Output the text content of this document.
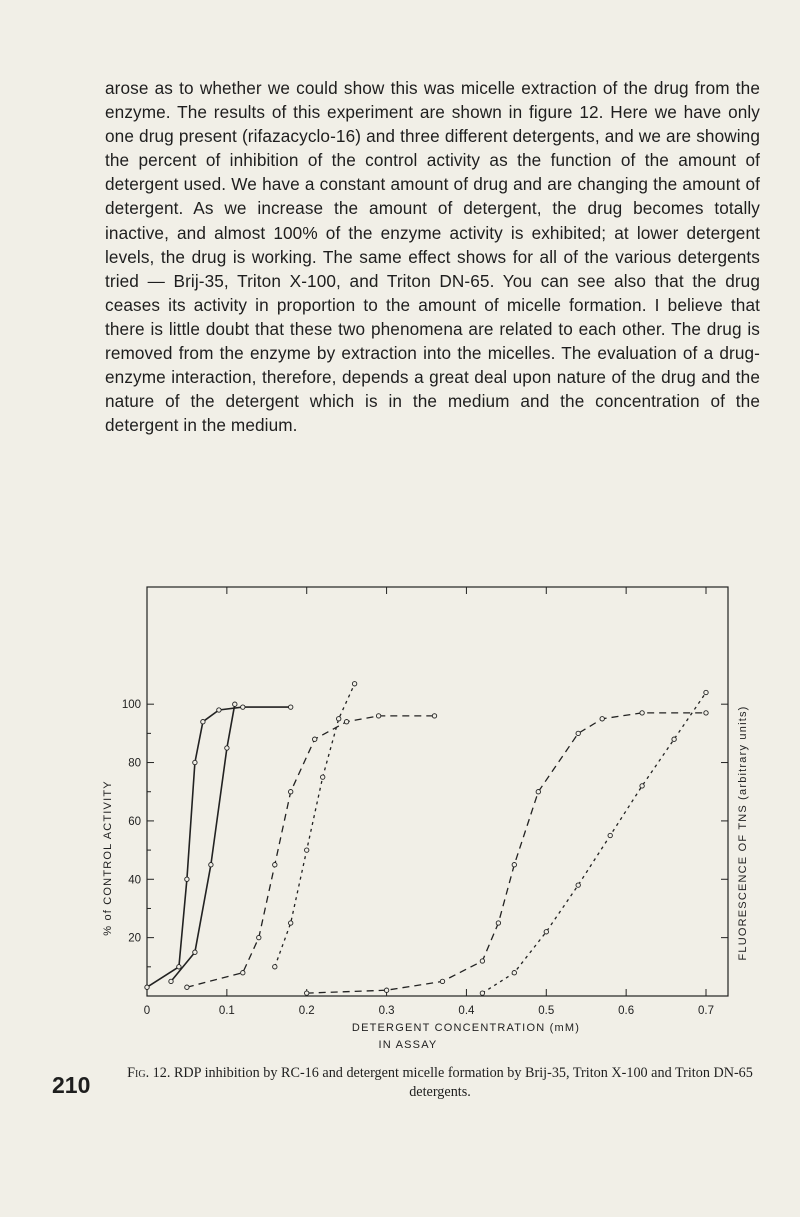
arose as to whether we could show this was micelle extraction of the drug from the enzyme. The results of this experiment are shown in figure 12. Here we have only one drug present (rifazacyclo-16) and three different detergents, and we are showing the percent of inhibition of the control activity as the function of the amount of detergent used. We have a constant amount of drug and are changing the amount of detergent. As we increase the amount of detergent, the drug becomes totally inactive, and almost 100% of the enzyme activity is exhibited; at lower detergent levels, the drug is working. The same effect shows for all of the various detergents tried — Brij-35, Triton X-100, and Triton DN-65. You can see also that the drug ceases its activity in proportion to the amount of micelle formation. I believe that there is little doubt that these two phenomena are related to each other. The drug is removed from the enzyme by extraction into the micelles. The evaluation of a drug-enzyme interaction, therefore, depends a great deal upon nature of the drug and the nature of the detergent which is in the medium and the concentration of the detergent in the medium.
0	0.1	0.2	0.3	0.4	0.5	0.6	0.7
20
40
60
80
100
DETERGENT CONCENTRATION (mM)
IN ASSAY
% of CONTROL ACTIVITY	FLUORESCENCE OF TNS (arbitrary units)
Fig. 12. RDP inhibition by RC-16 and detergent micelle formation by Brij-35, Triton X-100 and Triton DN-65 detergents.
210
